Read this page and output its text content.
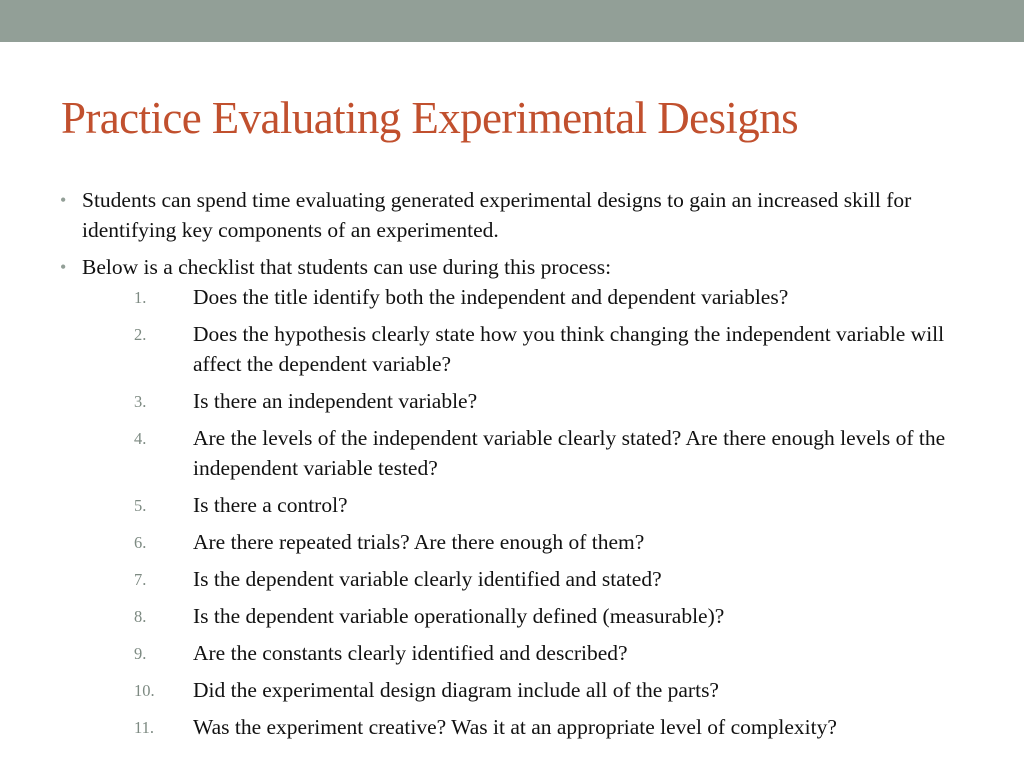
Practice Evaluating Experimental Designs
• Students can spend time evaluating generated experimental designs to gain an increased skill for identifying key components of an experimented.
• Below is a checklist that students can use during this process:
1. Does the title identify both the independent and dependent variables?
2. Does the hypothesis clearly state how you think changing the independent variable will affect the dependent variable?
3. Is there an independent variable?
4. Are the levels of the independent variable clearly stated? Are there enough levels of the independent variable tested?
5. Is there a control?
6. Are there repeated trials? Are there enough of them?
7. Is the dependent variable clearly identified and stated?
8. Is the dependent variable operationally defined (measurable)?
9. Are the constants clearly identified and described?
10. Did the experimental design diagram include all of the parts?
11. Was the experiment creative? Was it at an appropriate level of complexity?
